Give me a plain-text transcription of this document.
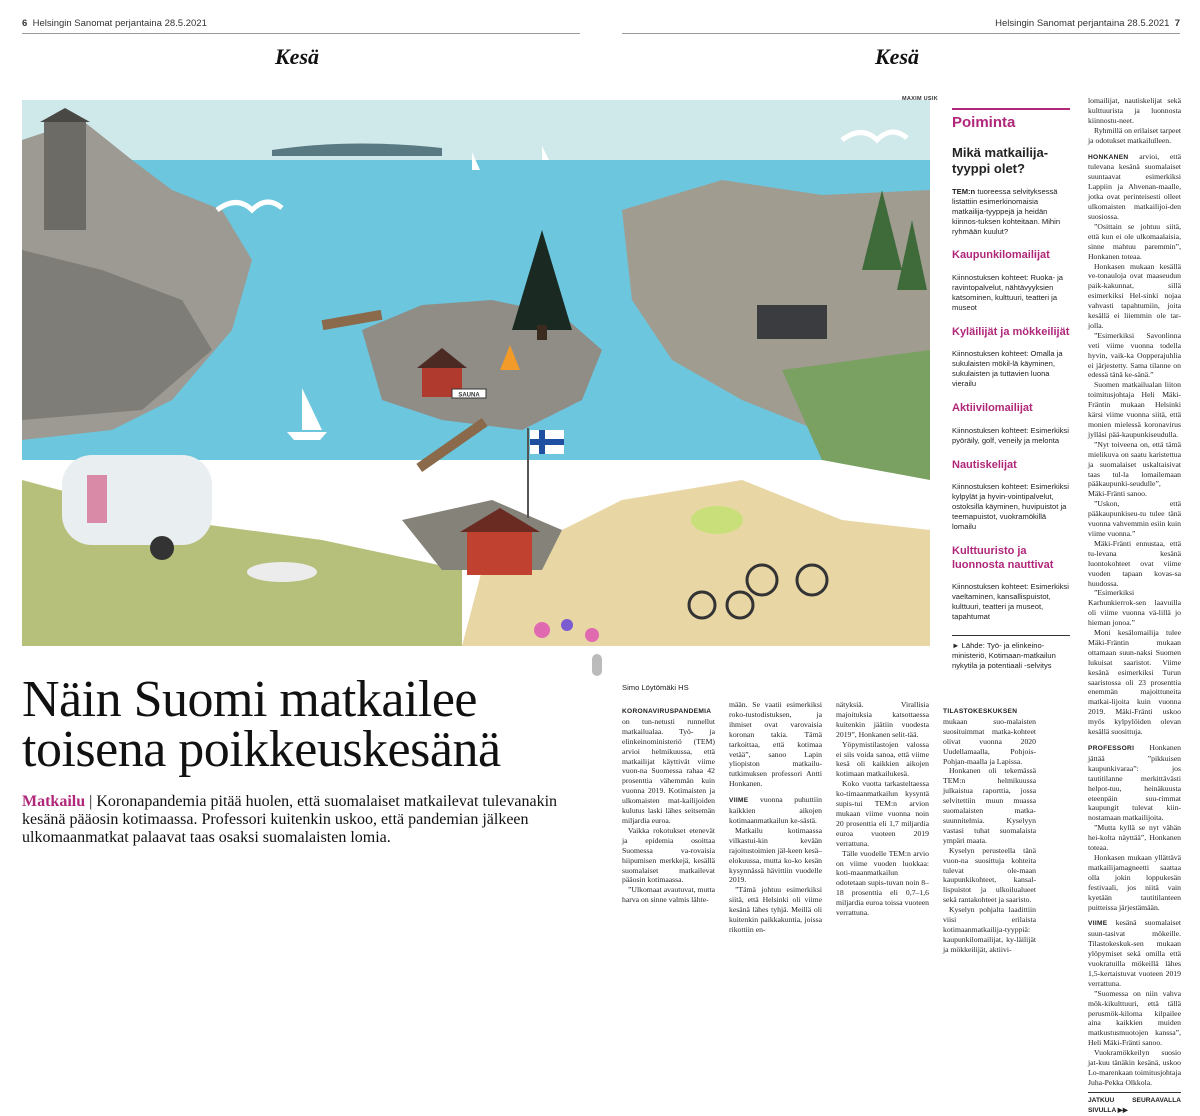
6 Helsingin Sanomat perjantaina 28.5.2021	Helsingin Sanomat perjantaina 28.5.2021 7
Kesä	Kesä
SAUNA
MAXIM USIK
Poiminta
Mikä matkailija-tyyppi olet?
TEM:n tuoreessa selvityksessä listattiin esimerkinomaisia matkailija-tyyppejä ja heidän kiinnos-tuksen kohteitaan. Mihin ryhmään kuulut?
Kaupunkilomailijat
Kiinnostuksen kohteet: Ruoka- ja ravintopalvelut, nähtävyyksien katsominen, kulttuuri, teatteri ja museot
Kyläilijät ja mökkeilijät
Kiinnostuksen kohteet: Omalla ja sukulaisten mökil-lä käyminen, sukulaisten ja tuttavien luona vierailu
Aktiivilomailijat
Kiinnostuksen kohteet: Esimerkiksi pyöräily, golf, veneily ja melonta
Nautiskelijat
Kiinnostuksen kohteet: Esimerkiksi kylpylät ja hyvin-vointipalvelut, ostoksilla käyminen, huvipuistot ja teemapuistot, vuokramökillä lomailu
Kulttuuristo ja luonnosta nauttivat
Kiinnostuksen kohteet: Esimerkiksi vaeltaminen, kansallispuistot, kulttuuri, teatteri ja museot, tapahtumat
► Lähde: Työ- ja elinkeino-ministeriö, Kotimaan-matkailun nykytila ja potentiaali -selvitys

lomailijat, nautiskelijat sekä kulttuurista ja luonnosta kiinnostu-neet.

Ryhmillä on erilaiset tarpeet ja odotukset matkailulleen.

HONKANEN arvioi, että tulevana kesänä suomalaiset suuntaavat esimerkiksi Lappiin ja Ahvenan-maalle, jotka ovat perinteisesti olleet ulkomaisten matkailijoi-den suosiossa.

”Osittain se johtuu siitä, että kun ei ole ulkomaalaisia, sinne mahtuu paremmin”, Honkanen toteaa.

Honkasen mukaan kesällä ve-tonauloja ovat maaseudun paik-kakunnat, sillä esimerkiksi Hel-sinki nojaa vahvasti tapahtumiin, joita kesällä ei liiemmin ole tar-jolla.

”Esimerkiksi Savonlinna veti viime vuonna todella hyvin, vaik-ka Oopperajuhlia ei järjestetty. Sama tilanne on edessä tänä ke-sänä.”

Suomen matkailualan liiton toimitusjohtaja Heli Mäki-Fräntin mukaan Helsinki kärsi viime vuonna siitä, että monien mielessä koronavirus jylläsi pää-kaupunkiseudulla.

”Nyt toiveena on, että tämä mielikuva on saatu karistettua ja suomalaiset uskaltaisivat taas tul-la lomailemaan pääkaupunki-seudulle”, Mäki-Fränti sanoo.

”Uskon, että pääkaupunkiseu-tu tulee tänä vuonna vahvemmin esiin kuin viime vuonna.”

Mäki-Fränti ennustaa, että tu-levana kesänä luontokohteet ovat viime vuoden tapaan kovas-sa huudossa.

”Esimerkiksi Karhunkierrok-sen laavuilla oli viime vuonna vä-lillä jo hieman jonoa.”

Moni kesälomailija tulee Mäki-Fräntin mukaan ottamaan suun-naksi Suomen lukuisat saaristot. Viime kesänä esimerkiksi Turun saaristossa oli 23 prosenttia enemmän majoittuneita matkai-lijoita kuin vuonna 2019. Mäki-Fränti uskoo myös kylpylöiden olevan kesällä suosittuja.

PROFESSORI Honkanen jättää ”pikkuisen kaupunkivaraa”: jos tautitilanne merkittävästi helpot-tuu, heinäkuusta eteenpäin suu-rimmat kaupungit tulevat kiin-nostamaan matkailijoita.

”Mutta kyllä se nyt vähän hei-kolta näyttää”, Honkanen toteaa.

Honkasen mukaan yllättävä matkailijamagneetti saattaa olla jokin loppukesän festivaali, jos niitä vain kyetään tautitilanteen puitteissa järjestämään.

VIIME kesänä suomalaiset suun-tasivat mökeille. Tilastokeskuk-sen mukaan ylöpymiset sekä omilla että vuokratuilla mökeillä lähes 1,5-kertaistuvat vuoteen 2019 verrattuna.

”Suomessa on niin vahva mök-kikulttuuri, että tällä perusmök-kiloma kilpailee aina kaikkien muiden matkustusmuotojen kanssa”, Heli Mäki-Fränti sanoo.

Vuokramökkeilyn suosio jat-kuu tänäkin kesänä, uskoo Lo-marenkaan toimitusjohtaja Juha-Pekka Olkkola.

JATKUU SEURAAVALLA SIVULLA ▶▶
Näin Suomi matkailee
toisena poikkeuskesänä
Matkailu | Koronapandemia pitää huolen, että suomalaiset matkailevat tulevanakin kesänä pääosin kotimaassa. Professori kuitenkin uskoo, että pandemian jälkeen ulkomaanmatkat palaavat taas osaksi suomalaisten lomia.
Simo Löytömäki HS

KORONAVIRUSPANDEMIA on tun-netusti runnellut matkailualaa. Työ- ja elinkeinoministeriö (TEM) arvioi helmikuussa, että matkailijat käyttivät viime vuon-na Suomessa rahaa 42 prosenttia vähemmän kuin vuonna 2019. Kotimaisten ja ulkomaisten mat-kailijoiden kulutus laski lähes seitsemän miljardia euroa.

Vaikka rokotukset etenevät ja epidemia osoittaa Suomessa va-rovaisia hiipumisen merkkejä, kesällä suomalaiset matkailevat pääosin kotimaassa.

”Ulkomaat avautuvat, mutta harva on sinne valmis lähte-

mään. Se vaatii esimerkiksi roko-tustodistuksen, ja ihmiset ovat varovaisia koronan takia. Tämä tarkoittaa, että kotimaa vetää”, sanoo Lapin yliopiston matkailu-tutkimuksen professori Antti Honkanen.

VIIME vuonna puhuttiin kaikkien aikojen kotimaanmatkailun ke-sästä.

Matkailu kotimaassa vilkastui-kin kevään rajoitustoimien jäl-keen kesä–elokuussa, mutta ko-ko kesän kysynnässä hävittiin vuodelle 2019.

”Tämä johtuu esimerkiksi siitä, että Helsinki oli viime kesänä lähes tyhjä. Meillä oli kuitenkin paikkakuntia, joissa rikottiin en-

nätyksiä. Virallisia majoituksia katsottaessa kuitenkin jäätiin vuodesta 2019”, Honkanen selit-tää.

Yöpymistilastojen valossa ei siis voida sanoa, että viime kesä oli kaikkien aikojen kotimaan matkailukesä.

Koko vuotta tarkasteltaessa ko-timaanmatkailun kysyntä supis-tui TEM:n arvion mukaan viime vuonna noin 20 prosenttia eli 1,7 miljardia euroa vuoteen 2019 verrattuna.

Tälle vuodelle TEM:n arvio on viime vuoden luokkaa: koti-maanmatkailun odotetaan supis-tuvan noin 8–18 prosenttia eli 0,7–1,6 miljardia euroa toissa vuoteen verrattuna.

TILASTOKESKUKSEN mukaan suo-malaisten suosituimmat matka-kohteet olivat vuonna 2020 Uudellamaalla, Pohjois-Pohjan-maalla ja Lapissa.

Honkanen oli tekemässä TEM:n helmikuussa julkaistua raporttia, jossa selvitettiin muun muassa suomalaisten matka-suunnitelmia. Kyselyyn vastasi tuhat suomalaista ympäri maata.

Kyselyn perusteella tänä vuon-na suosittuja kohteita tulevat ole-maan kaupunkikohteet, kansal-lispuistot ja ulkoilualueet sekä rantakohteet ja saaristo.

Kyselyn pohjalta laadittiin viisi erilaista kotimaanmatkailija-tyyppiä: kaupunkilomailijat, ky-läilijät ja mökkeilijät, aktiivi-
